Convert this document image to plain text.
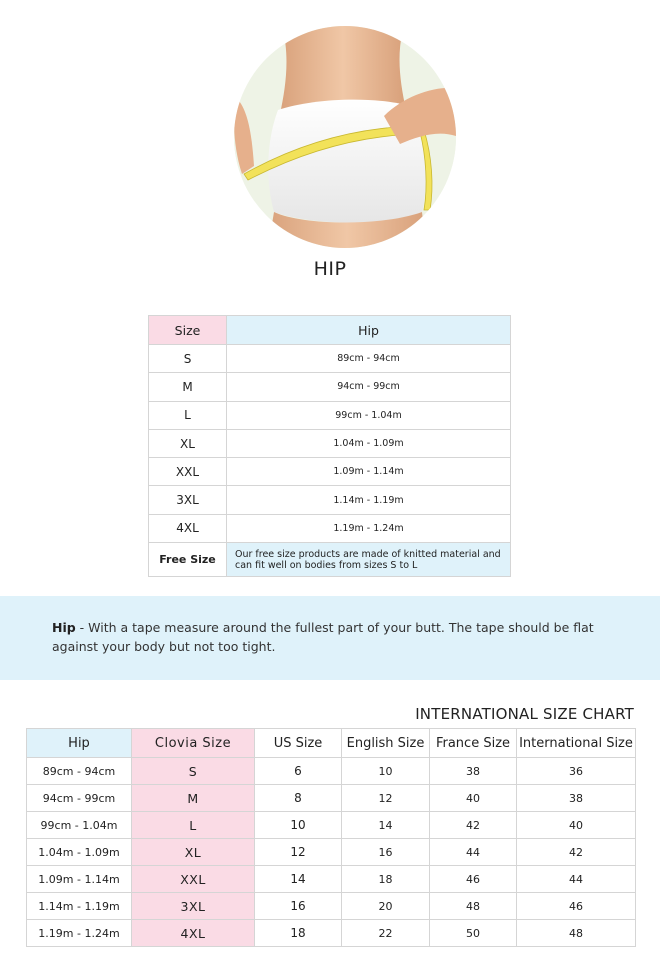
HIP
Size	Hip
S	89cm - 94cm
M	94cm - 99cm
L	99cm - 1.04m
XL	1.04m - 1.09m
XXL	1.09m - 1.14m
3XL	1.14m - 1.19m
4XL	1.19m - 1.24m
Free Size	Our free size products are made of knitted material and can fit well on bodies from sizes S to L

Hip - With a tape measure around the fullest part of your butt. The tape should be flat against your body but not too tight.

INTERNATIONAL SIZE CHART
Hip	Clovia Size	US Size	English Size	France Size	International Size
89cm - 94cm	S	6	10	38	36
94cm - 99cm	M	8	12	40	38
99cm - 1.04m	L	10	14	42	40
1.04m - 1.09m	XL	12	16	44	42
1.09m - 1.14m	XXL	14	18	46	44
1.14m - 1.19m	3XL	16	20	48	46
1.19m - 1.24m	4XL	18	22	50	48
